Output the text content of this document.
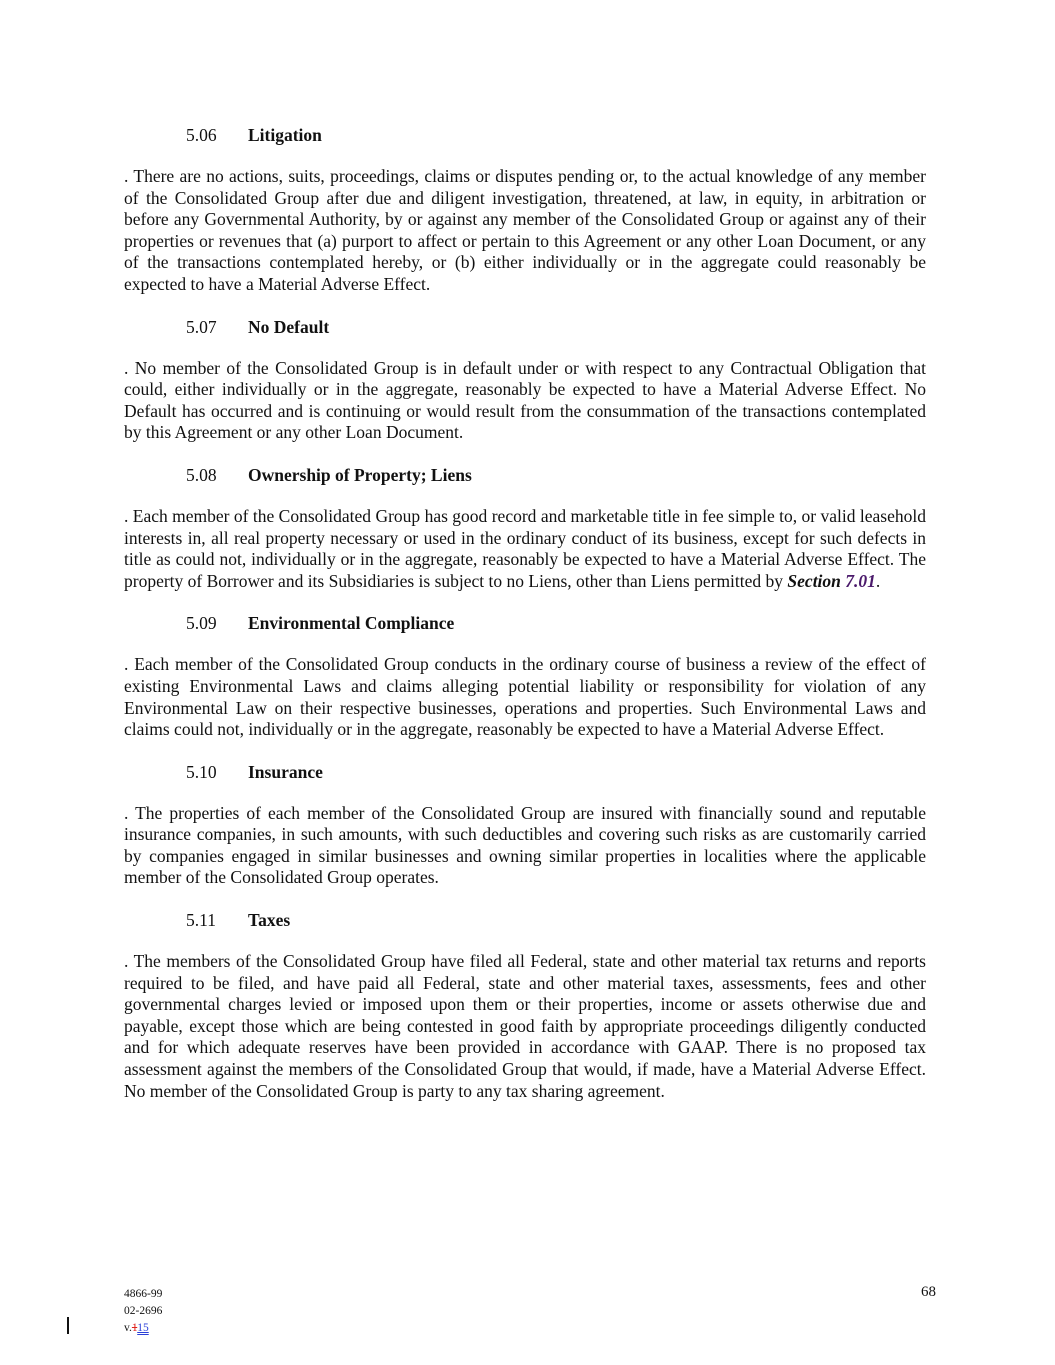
5.06 Litigation

. There are no actions, suits, proceedings, claims or disputes pending or, to the actual knowledge of any member of the Consolidated Group after due and diligent investigation, threatened, at law, in equity, in arbitration or before any Governmental Authority, by or against any member of the Consolidated Group or against any of their properties or revenues that (a) purport to affect or pertain to this Agreement or any other Loan Document, or any of the transactions contemplated hereby, or (b) either individually or in the aggregate could reasonably be expected to have a Material Adverse Effect.

5.07 No Default

. No member of the Consolidated Group is in default under or with respect to any Contractual Obligation that could, either individually or in the aggregate, reasonably be expected to have a Material Adverse Effect. No Default has occurred and is continuing or would result from the consummation of the transactions contemplated by this Agreement or any other Loan Document.

5.08 Ownership of Property; Liens

. Each member of the Consolidated Group has good record and marketable title in fee simple to, or valid leasehold interests in, all real property necessary or used in the ordinary conduct of its business, except for such defects in title as could not, individually or in the aggregate, reasonably be expected to have a Material Adverse Effect. The property of Borrower and its Subsidiaries is subject to no Liens, other than Liens permitted by Section 7.01.

5.09 Environmental Compliance

. Each member of the Consolidated Group conducts in the ordinary course of business a review of the effect of existing Environmental Laws and claims alleging potential liability or responsibility for violation of any Environmental Law on their respective businesses, operations and properties. Such Environmental Laws and claims could not, individually or in the aggregate, reasonably be expected to have a Material Adverse Effect.

5.10 Insurance

. The properties of each member of the Consolidated Group are insured with financially sound and reputable insurance companies, in such amounts, with such deductibles and covering such risks as are customarily carried by companies engaged in similar businesses and owning similar properties in localities where the applicable member of the Consolidated Group operates.

5.11 Taxes

. The members of the Consolidated Group have filed all Federal, state and other material tax returns and reports required to be filed, and have paid all Federal, state and other material taxes, assessments, fees and other governmental charges levied or imposed upon them or their properties, income or assets otherwise due and payable, except those which are being contested in good faith by appropriate proceedings diligently conducted and for which adequate reserves have been provided in accordance with GAAP. There is no proposed tax assessment against the members of the Consolidated Group that would, if made, have a Material Adverse Effect. No member of the Consolidated Group is party to any tax sharing agreement.

4866-99
02-2696
v.115
68
